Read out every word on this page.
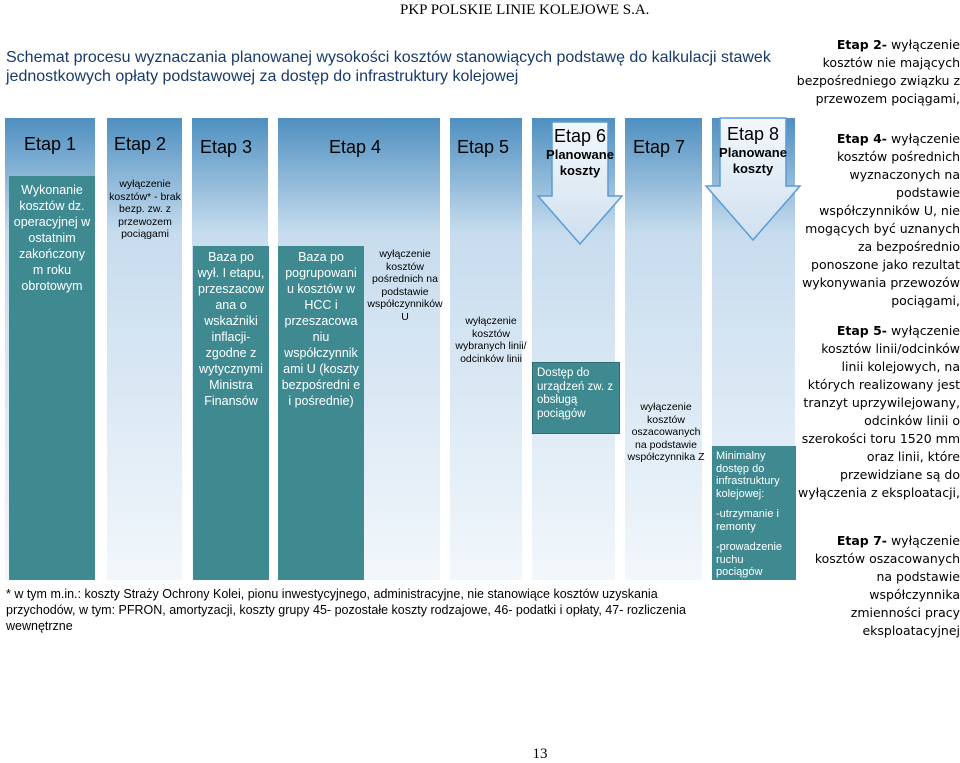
PKP POLSKIE LINIE KOLEJOWE S.A.
Schemat procesu wyznaczania planowanej wysokości kosztów stanowiących podstawę do kalkulacji stawek
jednostkowych opłaty podstawowej za dostęp do infrastruktury kolejowej
Etap 1	Etap 2	Etap 3	Etap 4	Etap 5
Etap 6
Planowane koszty
Etap 7
Etap 8
Planowane koszty
Wykonanie kosztów dz. operacyjnej w ostatnim zakończony m roku obrotowym
wyłączenie kosztów* - brak bezp. zw. z przewozem pociągami
Baza po wył. I etapu, przeszacow ana o wskaźniki inflacji-zgodne z wytycznymi Ministra Finansów
Baza po pogrupowani u kosztów w HCC i przeszacowa niu współczynnik ami U (koszty bezpośredni e i pośrednie)
wyłączenie kosztów pośrednich na podstawie współczynników U	wyłączenie kosztów wybranych linii/ odcinków linii
Dostęp do urządzeń zw. z obsługą pociągów
wyłączenie kosztów oszacowanych na podstawie współczynnika Z Minimalny dostęp do infrastruktury kolejowej:
-utrzymanie i remonty
-prowadzenie ruchu pociągów
Etap 2- wyłączenie kosztów nie mających bezpośredniego związku z przewozem pociągami,
Etap 4- wyłączenie kosztów pośrednich wyznaczonych na podstawie współczynników U, nie mogących być uznanych za bezpośrednio ponoszone jako rezultat wykonywania przewozów pociągami,
Etap 5- wyłączenie kosztów linii/odcinków linii kolejowych, na których realizowany jest tranzyt uprzywilejowany, odcinków linii o szerokości toru 1520 mm oraz linii, które przewidziane są do wyłączenia z eksploatacji,
Etap 7- wyłączenie kosztów oszacowanych na podstawie współczynnika zmienności pracy eksploatacyjnej
* w tym m.in.: koszty Straży Ochrony Kolei, pionu inwestycyjnego, administracyjne, nie stanowiące kosztów uzyskania przychodów, w tym: PFRON, amortyzacji, koszty grupy 45- pozostałe koszty rodzajowe, 46- podatki i opłaty, 47- rozliczenia wewnętrzne
13
